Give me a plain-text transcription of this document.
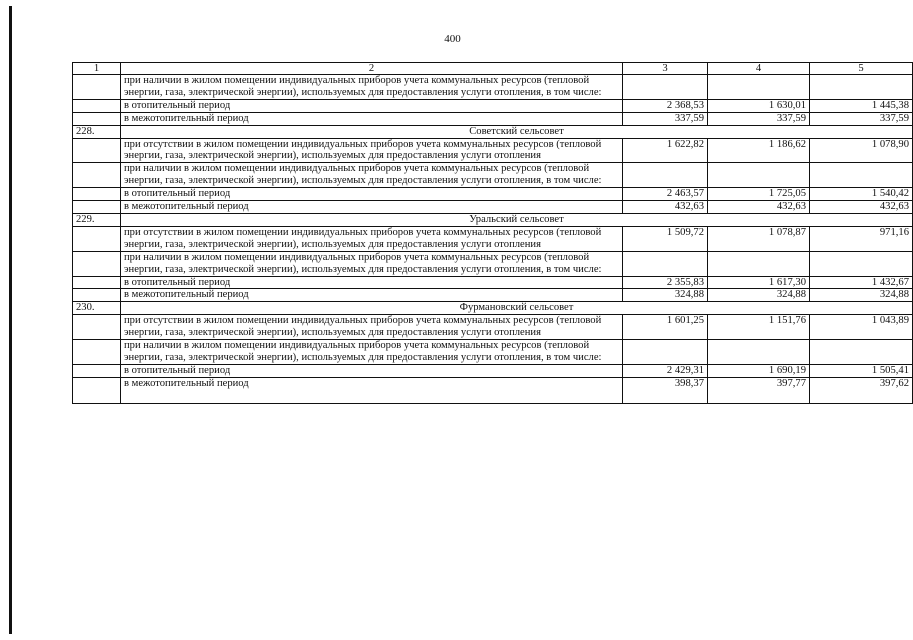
400
1	2	3	4	5
	при наличии в жилом помещении индивидуальных приборов учета коммунальных ресурсов (тепловой энергии, газа, электрической энергии), используемых для предоставления услуги отопления, в том числе:			
	в отопительный период	2 368,53	1 630,01	1 445,38
	в межотопительный период	337,59	337,59	337,59
228.	Советский сельсовет			
	при отсутствии в жилом помещении индивидуальных приборов учета коммунальных ресурсов (тепловой энергии, газа, электрической энергии), используемых для предоставления услуги отопления	1 622,82	1 186,62	1 078,90
	при наличии в жилом помещении индивидуальных приборов учета коммунальных ресурсов (тепловой энергии, газа, электрической энергии), используемых для предоставления услуги отопления, в том числе:			
	в отопительный период	2 463,57	1 725,05	1 540,42
	в межотопительный период	432,63	432,63	432,63
229.	Уральский сельсовет			
	при отсутствии в жилом помещении индивидуальных приборов учета коммунальных ресурсов (тепловой энергии, газа, электрической энергии), используемых для предоставления услуги отопления	1 509,72	1 078,87	971,16
	при наличии в жилом помещении индивидуальных приборов учета коммунальных ресурсов (тепловой энергии, газа, электрической энергии), используемых для предоставления услуги отопления, в том числе:			
	в отопительный период	2 355,83	1 617,30	1 432,67
	в межотопительный период	324,88	324,88	324,88
230.	Фурмановский сельсовет			
	при отсутствии в жилом помещении индивидуальных приборов учета коммунальных ресурсов (тепловой энергии, газа, электрической энергии), используемых для предоставления услуги отопления	1 601,25	1 151,76	1 043,89
	при наличии в жилом помещении индивидуальных приборов учета коммунальных ресурсов (тепловой энергии, газа, электрической энергии), используемых для предоставления услуги отопления, в том числе:			
	в отопительный период	2 429,31	1 690,19	1 505,41
	в межотопительный период	398,37	397,77	397,62
